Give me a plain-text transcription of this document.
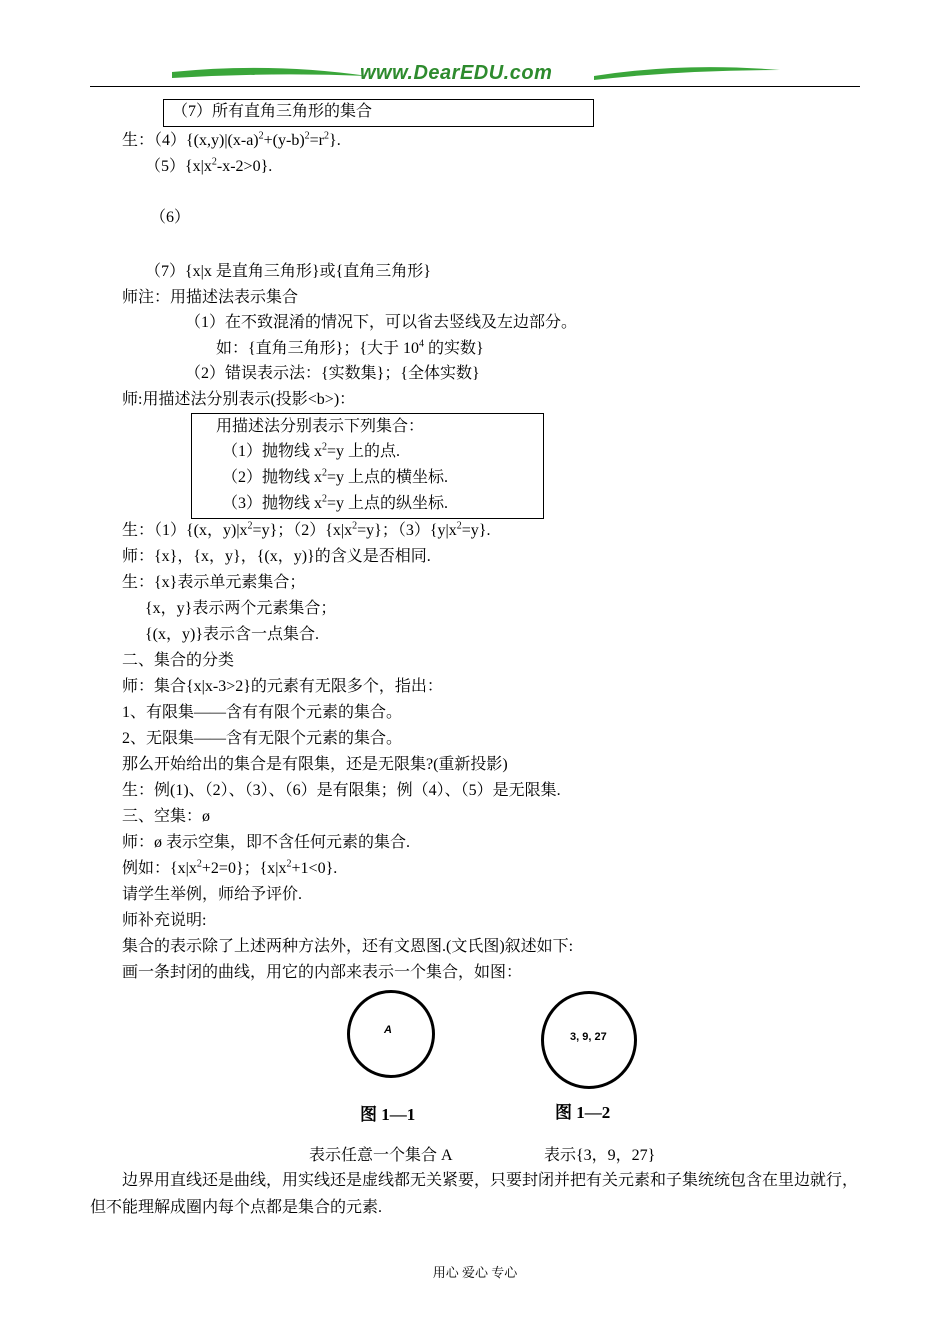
www.DearEDU.com
（7）所有直角三角形的集合
生：$(4)\{(x,y)|(x-a)^2+(y-b)^2=r^2\}$.
$(5)\{x|x^2-x-2>0\}$.
（6）
（7）{x|x 是直角三角形}或{直角三角形}
师注：用描述法表示集合
（1）在不致混淆的情况下，可以省去竖线及左边部分。
如：{直角三角形}；{大于 $10^4$ 的实数}
（2）错误表示法：{实数集}；{全体实数}
师:用描述法分别表示(投影<b>)：
用描述法分别表示下列集合：
（1）抛物线 $x^2=y$ 上的点.
（2）抛物线 $x^2=y$ 上点的横坐标.
（3）抛物线 $x^2=y$ 上点的纵坐标.
生：（1）{(x，$y)|x^2=y$}；$(2)\{x|x^2=y\}$；$(3)\{y|x^2=y\}$.
师：{x}，{x，y}，{(x，y)}的含义是否相同.
生：{x}表示单元素集合；
{x，y}表示两个元素集合；
{(x，y)}表示含一点集合.
二、集合的分类
师：集合{x|x-3>2}的元素有无限多个，指出：
1、有限集——含有有限个元素的集合。
2、无限集——含有无限个元素的集合。
那么开始给出的集合是有限集，还是无限集?(重新投影)
生：例(1)、（2）、（3）、（6）是有限集；例（4）、（5）是无限集.
三、空集：ø
师：ø 表示空集，即不含任何元素的集合.
例如：$\{x|x^2+2=0\}$；$\{x|x^2+1<0\}$.
请学生举例，师给予评价.
师补充说明:
集合的表示除了上述两种方法外，还有文恩图.(文氏图)叙述如下:
画一条封闭的曲线，用它的内部来表示一个集合，如图：
A
图 1—1
3, 9, 27
图 1—2
表示任意一个集合 A	表示{3，9，27}
边界用直线还是曲线，用实线还是虚线都无关紧要，只要封闭并把有关元素和子集统统包含在里边就行，但不能理解成圈内每个点都是集合的元素.
用心 爱心 专心
